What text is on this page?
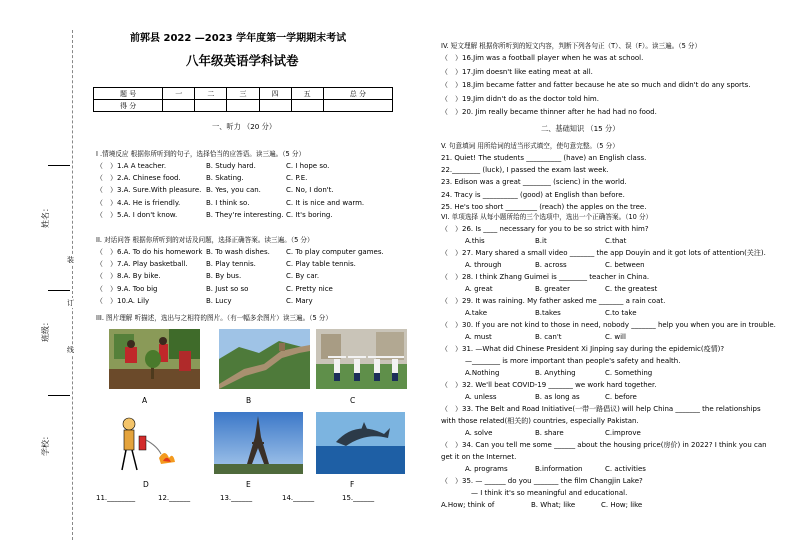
姓名：
班级：
学校：
装
订
线
前郭县 2022 —2023 学年度第一学期期末考试
八年级英语学科试卷
题 号	一	二	三	四	五	总 分
得 分						
一、听力 （20 分）
I .情境反应 根据你所听到的句子，选择恰当的应答语。读三遍。（5 分）
（　）1.A A teacher.	B. Study hard.	C. I hope so.
（　）2.A. Chinese food.	B. Skating.	C. P.E.
（　）3.A. Sure.With pleasure. B. Yes, you can.	C. No, I don't.
（　）4.A. He is friendly.	B. I think so.	C. It is nice and warm.
（　）5.A. I don't know.	B. They're interesting. C. It's boring.
II. 对话问答 根据你所听到的对话及问题，选择正确答案。读三遍。（5 分）
（　）6.A. To do his homework B. To wash dishes. C. To play computer games.
（　）7.A. Play basketball.	B. Play tennis.	C. Play table tennis.
（　）8.A. By bike.	B. By bus.	C. By car.
（　）9.A. Too big	B. Just so so	C. Pretty nice
（　）10.A. Lily	B. Lucy	C. Mary
III. 图片理解 听描述，选出与之相符的图片。（有一幅多余图片）读三遍。（5 分）
A	B	C
D	E	F
11.________	12.______	13.______	14.______	15.______
IV. 短文理解 根据你所听到的短文内容，判断下列各句正（T）、误（F）。读三遍。（5 分）
（　）16.Jim was a football player when he was at school.
（　）17.Jim doesn't like eating meat at all.
（　）18.Jim became fatter and fatter because he ate so much and didn't do any sports.
（　）19.Jim didn't do as the doctor told him.
（　）20. Jim really became thinner after he had had no food.
二、基础知识 （15 分）
V. 句意填词 用所给词的适当形式填空，使句意完整。（5 分）
21. Quiet! The students __________ (have) an English class.
22.________ (luck), I passed the exam last week.
23. Edison was a great ________ (scienc) in the world.
24. Tracy is __________ (good) at English than before.
25. He's too short _________ (reach) the apples on the tree.
VI. 单项选择 从每小题所给的三个选项中，选出一个正确答案。（10 分）
（　）26. Is ____ necessary for you to be so strict with him?
A.this	B.it	C.that
（　）27. Mary shared a small video _______ the app Douyin and it got lots of attention(关注).
A. through	B. across	C. between
（　）28. I think Zhang Guimei is ________ teacher in China.
A. great	B. greater	C. the greatest
（　）29. It was raining. My father asked me _______ a rain coat.
A.take	B.takes	C.to take
（　）30. If you are not kind to those in need, nobody _______ help you when you are in trouble.
A. must	B. can't	C. will
（　）31. —What did Chinese President Xi Jinping say during the epidemic(疫情)?
—________ is more important than people's safety and health.
A.Nothing	B. Anything	C. Something
（　）32. We'll beat COVID-19 _______ we work hard together.
A. unless	B. as long as	C. before
（　）33. The Belt and Road Initiative(一带一路倡议) will help China _______ the relationships
with those related(相关的) countries, especially Pakistan.
A. solve	B. share	C.improve
（　）34. Can you tell me some ______ about the housing price(房价) in 2022? I think you can
get it on the Internet.
A. programs	B.information	C. activities
（　）35. — ______ do you _______ the film Changjin Lake?
— I think it's so meaningful and educational.
A.How; think of	B. What; like	C. How; like
